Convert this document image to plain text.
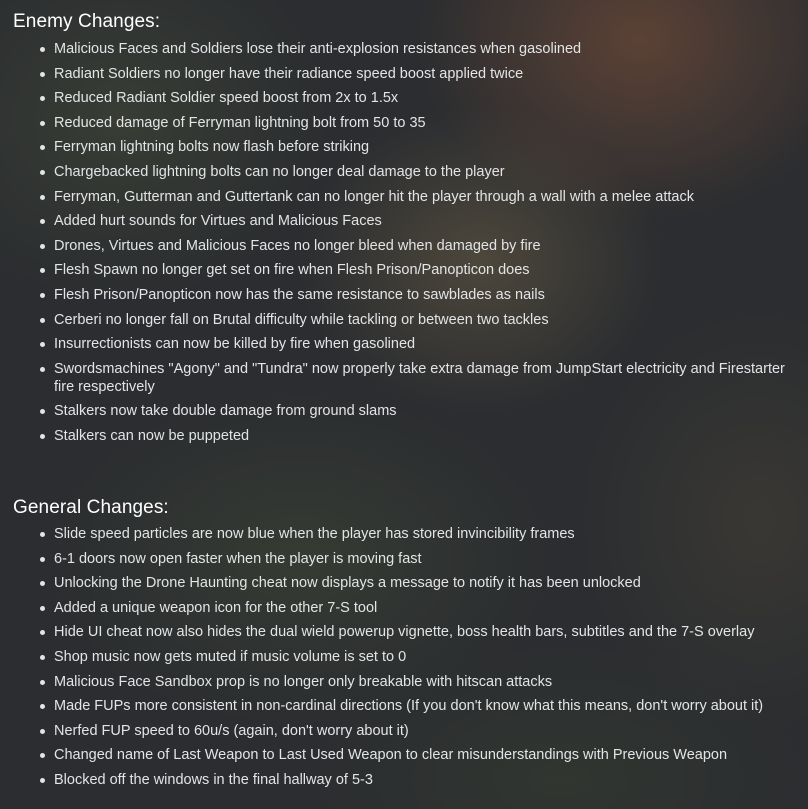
Enemy Changes:
Malicious Faces and Soldiers lose their anti-explosion resistances when gasolined
Radiant Soldiers no longer have their radiance speed boost applied twice
Reduced Radiant Soldier speed boost from 2x to 1.5x
Reduced damage of Ferryman lightning bolt from 50 to 35
Ferryman lightning bolts now flash before striking
Chargebacked lightning bolts can no longer deal damage to the player
Ferryman, Gutterman and Guttertank can no longer hit the player through a wall with a melee attack
Added hurt sounds for Virtues and Malicious Faces
Drones, Virtues and Malicious Faces no longer bleed when damaged by fire
Flesh Spawn no longer get set on fire when Flesh Prison/Panopticon does
Flesh Prison/Panopticon now has the same resistance to sawblades as nails
Cerberi no longer fall on Brutal difficulty while tackling or between two tackles
Insurrectionists can now be killed by fire when gasolined
Swordsmachines "Agony" and "Tundra" now properly take extra damage from JumpStart electricity and Firestarter fire respectively
Stalkers now take double damage from ground slams
Stalkers can now be puppeted
General Changes:
Slide speed particles are now blue when the player has stored invincibility frames
6-1 doors now open faster when the player is moving fast
Unlocking the Drone Haunting cheat now displays a message to notify it has been unlocked
Added a unique weapon icon for the other 7-S tool
Hide UI cheat now also hides the dual wield powerup vignette, boss health bars, subtitles and the 7-S overlay
Shop music now gets muted if music volume is set to 0
Malicious Face Sandbox prop is no longer only breakable with hitscan attacks
Made FUPs more consistent in non-cardinal directions (If you don't know what this means, don't worry about it)
Nerfed FUP speed to 60u/s (again, don't worry about it)
Changed name of Last Weapon to Last Used Weapon to clear misunderstandings with Previous Weapon
Blocked off the windows in the final hallway of 5-3
